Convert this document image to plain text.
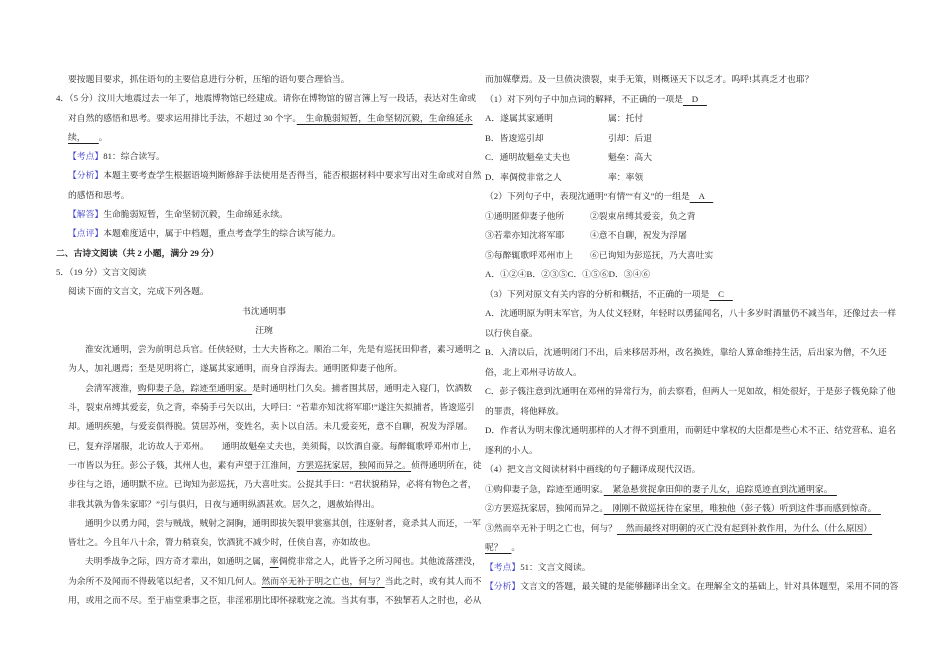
要按题目要求，抓住语句的主要信息进行分析，压缩的语句要合理恰当。
4．（5 分）汶川大地震过去一年了，地震博物馆已经建成。请你在博物馆的留言簿上写一段话，表达对生命或
对自然的感悟和思考。要求运用排比手法，不超过 30 个字。　生命脆弱短暂，生命坚韧沉毅，生命绵延永
续，　　。
【考点】81：综合读写。
【分析】本题主要考查学生根据语境判断修辞手法使用是否得当，能否根据材料中要求写出对生命或对自然
的感悟和思考。
【解答】生命脆弱短暂，生命坚韧沉毅，生命绵延永续。
【点评】本题难度适中，属于中档题，重点考查学生的综合读写能力。
二、古诗文阅读（共 2 小题，满分 29 分）
5．（19 分）文言文阅读
阅读下面的文言文，完成下列各题。
书沈通明事
汪琬
淮安沈通明，尝为前明总兵官。任侠轻财，士大夫皆称之。顺治二年，先是有巡抚田仰者，素习通明之
为人，加礼遇焉；至是见明将亡，遂属其家通明，而身自浮海去。通明匿仰妻子他所。
会清军渡淮，购仰妻子急，踪迹至通明家。是时通明杜门久矣。捕者围其居，通明走入寝门，饮酒数
斗，裂束帛缚其爱妾，负之背，牵骑手弓矢以出，大呼曰：“若辈亦知沈将军耶!”遂注矢拟捕者，皆逡巡引
却。通明疾驰，与爱妾俱得脱。赁居苏州，变姓名，卖卜以自活。未几爱妾死，意不自聊，祝发为浮屠。
已，复弃浮屠服，北访故人于邓州。　　通明故魁垒丈夫也，美须髯，以饮酒自豪。每醉辄歌呼邓州市上，
一市皆以为狂。彭公子篯，其州人也，素有声望于江淮间，方罢巡抚家居，独闻而异之。侦得通明所在，徒
步往与之语，通明默不应。已询知为彭巡抚，乃大喜吐实。公捉其手曰：“君状貌稍异，必将有物色之者，
非我其孰为鲁朱家耶？”引与俱归，日夜与通明纵酒甚欢。居久之，遇赦始得出。
通明少以勇力闻，尝与贼战，贼射之洞胸，通明即拔矢裂甲裳塞其创，往逐射者，竟杀其人而还，一军
皆壮之。今且年八十余，膂力稍衰矣，饮酒犹不减少时，任侠自喜，亦如故也。
夫明季战争之际，四方奇才辈出，如通明之属，率倜傥非常之人，此皆予之所习闻也。其他流落湮没，
为余所不及闻而不得载笔以纪者，又不知几何人。然而卒无补于明之亡也，何与？当此之时，或有其人而不
用，或用之而不尽。至于庙堂秉事之臣，非淫邪朋比即怀禄耽宠之流。当其有事，不独挈若人之肘也，必从
而加媒孽焉。及一旦偾决溃裂，束手无策，则概诬天下以乏才。呜呼!其真乏才也耶？
（1）对下列句子中加点词的解释，不正确的一项是　D　
A．遂属其家通明	属：托付
B．皆逡巡引却	引却：后退
C．通明故魁垒丈夫也	魁垒：高大
D．率倜傥非常之人	率：率领
（2）下列句子中，表现沈通明“有情”“有义”的一组是　A　
①通明匿仰妻子他所	②裂束帛缚其爱妾，负之背
③若辈亦知沈将军耶	④意不自聊，祝发为浮屠
⑤每醉辄歌呼邓州市上 ⑥已询知为彭巡抚，乃大喜吐实
A．①②④B．②③⑤C．①⑤⑥D．③④⑥
（3）下列对原文有关内容的分析和概括，不正确的一项是　C　
A．沈通明原为明末军官，为人仗义轻财，年轻时以勇猛闻名，八十多岁时酒量仍不减当年，还像过去一样
以行侠自豪。
B．入清以后，沈通明闭门不出，后来移居苏州，改名换姓，靠给人算命维持生活，后出家为僧，不久还
俗，北上邓州寻访故人。
C．彭子篯注意到沈通明在邓州的异常行为，前去察看，但两人一见如故，相处很好，于是彭子篯免除了他
的罪责，将他释放。
D．作者认为明末像沈通明那样的人才得不到重用，而朝廷中掌权的大臣都是些心术不正、结党营私、追名
逐利的小人。
（4）把文言文阅读材料中画线的句子翻译成现代汉语。
①购仰妻子急，踪迹至通明家。　紧急悬赏捉拿田仰的妻子儿女，追踪觅迹直到沈通明家。　
②方罢巡抚家居，独闻而异之。　刚刚不做巡抚待在家里，唯独他（彭子篯）听到这件事而感到惊奇。　
③然而卒无补于明之亡也，何与？　然而最终对明朝的灭亡没有起到补救作用，为什么（什么原因）
呢？　。
【考点】51：文言文阅读。
【分析】文言文的答题，最关键的是能够翻译出全文。在理解全文的基础上，针对具体题型，采用不同的答
